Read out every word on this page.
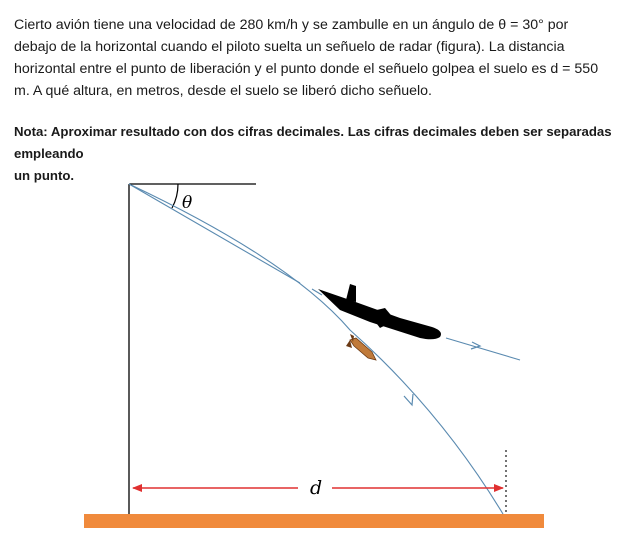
Cierto avión tiene una velocidad de 280 km/h y se zambulle en un ángulo de θ = 30° por
debajo de la horizontal cuando el piloto suelta un señuelo de radar (figura). La distancia
horizontal entre el punto de liberación y el punto donde el señuelo golpea el suelo es d = 550
m. A qué altura, en metros, desde el suelo se liberó dicho señuelo.

Nota: Aproximar resultado con dos cifras decimales. Las cifras decimales deben ser separadas empleando
un punto.

θ
d
